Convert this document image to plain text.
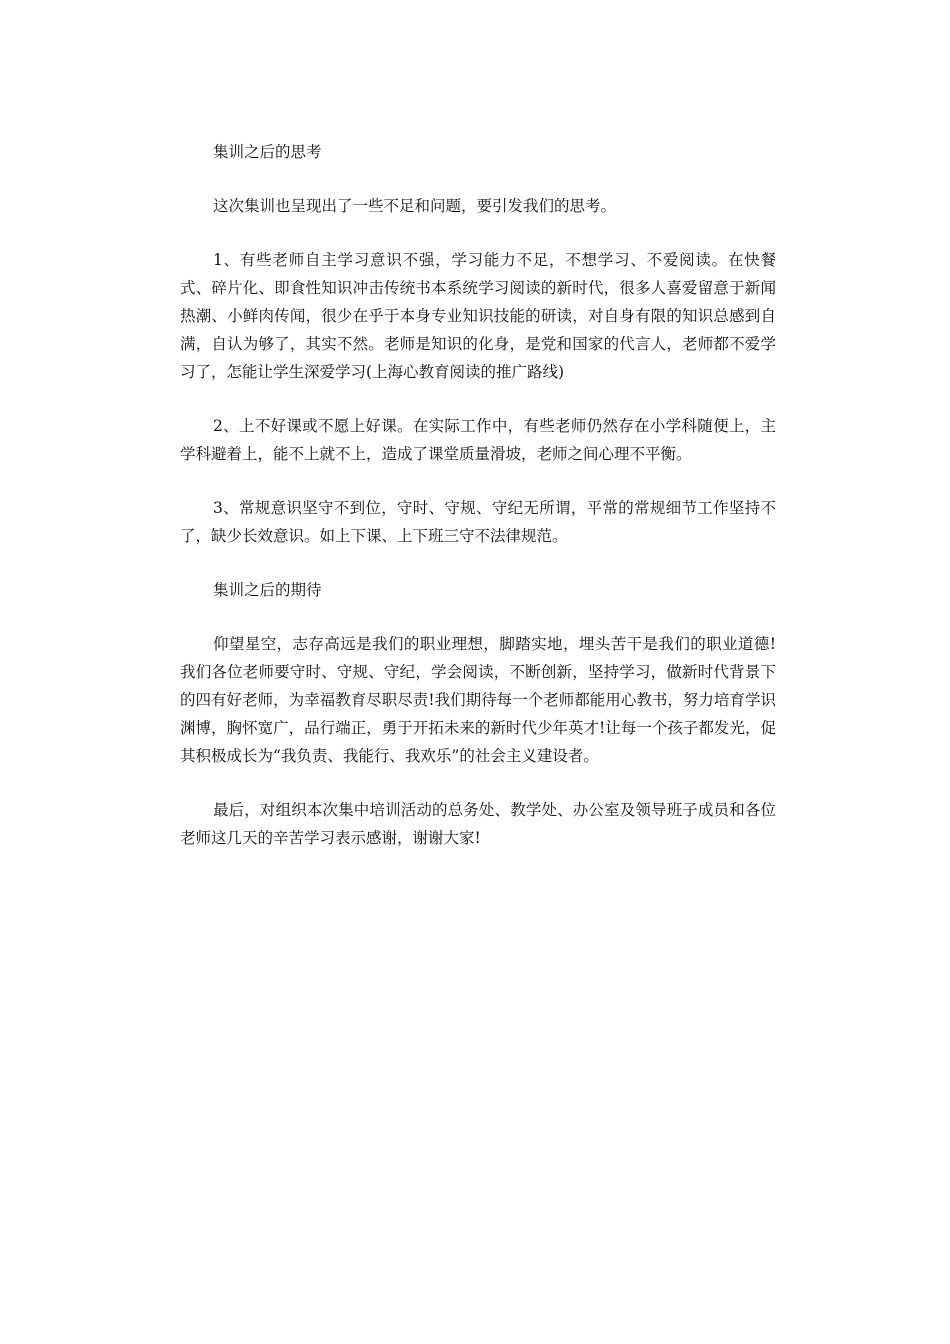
集训之后的思考

这次集训也呈现出了一些不足和问题，要引发我们的思考。

1、有些老师自主学习意识不强，学习能力不足，不想学习、不爱阅读。在快餐式、碎片化、即食性知识冲击传统书本系统学习阅读的新时代，很多人喜爱留意于新闻热潮、小鲜肉传闻，很少在乎于本身专业知识技能的研读，对自身有限的知识总感到自满，自认为够了，其实不然。老师是知识的化身，是党和国家的代言人，老师都不爱学习了，怎能让学生深爱学习(上海心教育阅读的推广路线)

2、上不好课或不愿上好课。在实际工作中，有些老师仍然存在小学科随便上，主学科避着上，能不上就不上，造成了课堂质量滑坡，老师之间心理不平衡。

3、常规意识坚守不到位，守时、守规、守纪无所谓，平常的常规细节工作坚持不了，缺少长效意识。如上下课、上下班三守不法律规范。

集训之后的期待

仰望星空，志存高远是我们的职业理想，脚踏实地，埋头苦干是我们的职业道德!我们各位老师要守时、守规、守纪，学会阅读，不断创新，坚持学习，做新时代背景下的四有好老师，为幸福教育尽职尽责!我们期待每一个老师都能用心教书，努力培育学识渊博，胸怀宽广，品行端正，勇于开拓未来的新时代少年英才!让每一个孩子都发光，促其积极成长为“我负责、我能行、我欢乐”的社会主义建设者。

最后，对组织本次集中培训活动的总务处、教学处、办公室及领导班子成员和各位老师这几天的辛苦学习表示感谢，谢谢大家!
